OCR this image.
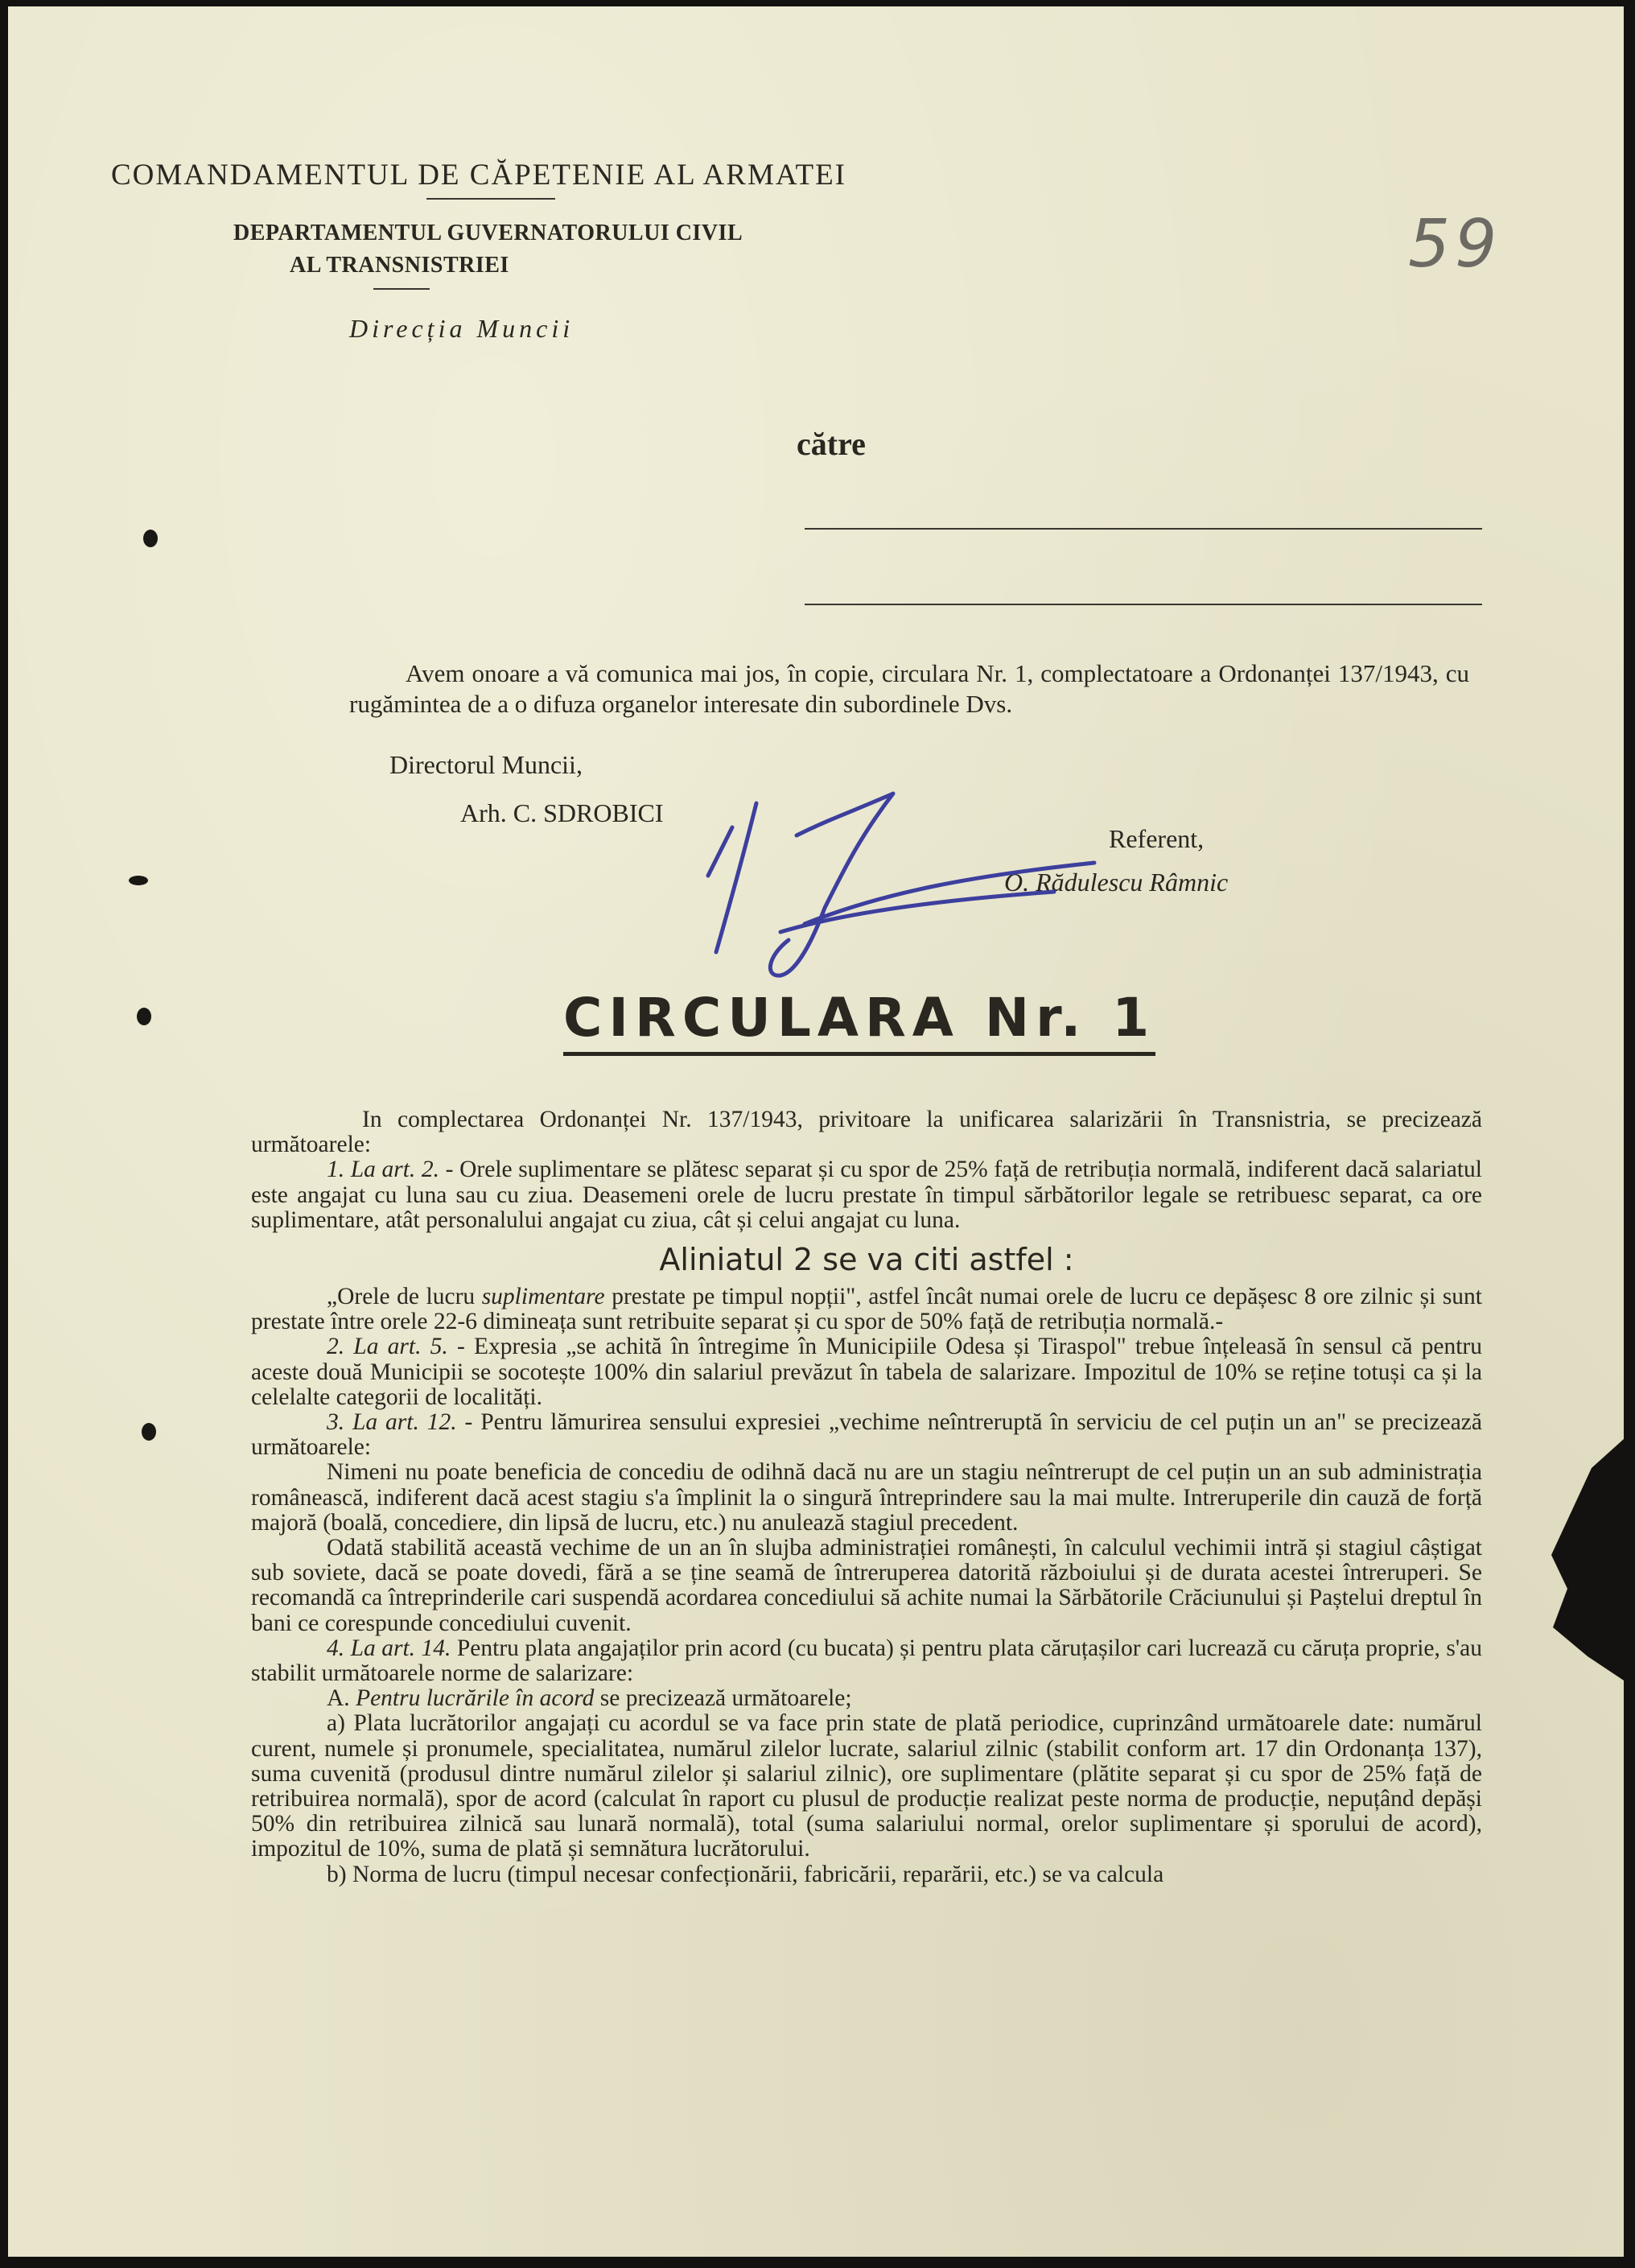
COMANDAMENTUL DE CĂPETENIE AL ARMATEI
DEPARTAMENTUL GUVERNATORULUI CIVIL
AL TRANSNISTRIEI
Direcția Muncii
59
către

Avem onoare a vă comunica mai jos, în copie, circulara Nr. 1, complectatoare a Ordonanței 137/1943, cu rugămintea de a o difuza organelor interesate din subordinele Dvs.

Directorul Muncii,
Arh. C. SDROBICI
Referent,
O. Rădulescu Râmnic
CIRCULARA Nr. 1

In complectarea Ordonanței Nr. 137/1943, privitoare la unificarea salarizării în Transnistria, se precizează următoarele:

1. La art. 2. - Orele suplimentare se plătesc separat și cu spor de 25% față de retribuția normală, indiferent dacă salariatul este angajat cu luna sau cu ziua. Deasemeni orele de lucru prestate în timpul sărbătorilor legale se retribuesc separat, ca ore suplimentare, atât personalului angajat cu ziua, cât și celui angajat cu luna.

Aliniatul 2 se va citi astfel :

„Orele de lucru suplimentare prestate pe timpul nopții", astfel încât numai orele de lucru ce depășesc 8 ore zilnic și sunt prestate între orele 22-6 dimineața sunt retribuite separat și cu spor de 50% față de retribuția normală.-

2. La art. 5. - Expresia „se achită în întregime în Municipiile Odesa și Tiraspol" trebue înțeleasă în sensul că pentru aceste două Municipii se socotește 100% din salariul prevăzut în tabela de salarizare. Impozitul de 10% se reține totuși ca și la celelalte categorii de localități.

3. La art. 12. - Pentru lămurirea sensului expresiei „vechime neîntreruptă în serviciu de cel puțin un an" se precizează următoarele:

Nimeni nu poate beneficia de concediu de odihnă dacă nu are un stagiu neîntrerupt de cel puțin un an sub administrația românească, indiferent dacă acest stagiu s'a împlinit la o singură întreprindere sau la mai multe. Intreruperile din cauză de forță majoră (boală, concediere, din lipsă de lucru, etc.) nu anulează stagiul precedent.

Odată stabilită această vechime de un an în slujba administrației românești, în calculul vechimii intră și stagiul câștigat sub soviete, dacă se poate dovedi, fără a se ține seamă de întreruperea datorită războiului și de durata acestei întreruperi. Se recomandă ca întreprinderile cari suspendă acordarea concediului să achite numai la Sărbătorile Crăciunului și Paștelui dreptul în bani ce corespunde concediului cuvenit.

4. La art. 14. Pentru plata angajaților prin acord (cu bucata) și pentru plata căruțașilor cari lucrează cu căruța proprie, s'au stabilit următoarele norme de salarizare:

A. Pentru lucrările în acord se precizează următoarele;

a) Plata lucrătorilor angajați cu acordul se va face prin state de plată periodice, cuprinzând următoarele date: numărul curent, numele și pronumele, specialitatea, numărul zilelor lucrate, salariul zilnic (stabilit conform art. 17 din Ordonanța 137), suma cuvenită (produsul dintre numărul zilelor și salariul zilnic), ore suplimentare (plătite separat și cu spor de 25% față de retribuirea normală), spor de acord (calculat în raport cu plusul de producție realizat peste norma de producție, nepuțând depăși 50% din retribuirea zilnică sau lunară normală), total (suma salariului normal, orelor suplimentare și sporului de acord), impozitul de 10%, suma de plată și semnătura lucrătorului.

b) Norma de lucru (timpul necesar confecționării, fabricării, reparării, etc.) se va calcula
